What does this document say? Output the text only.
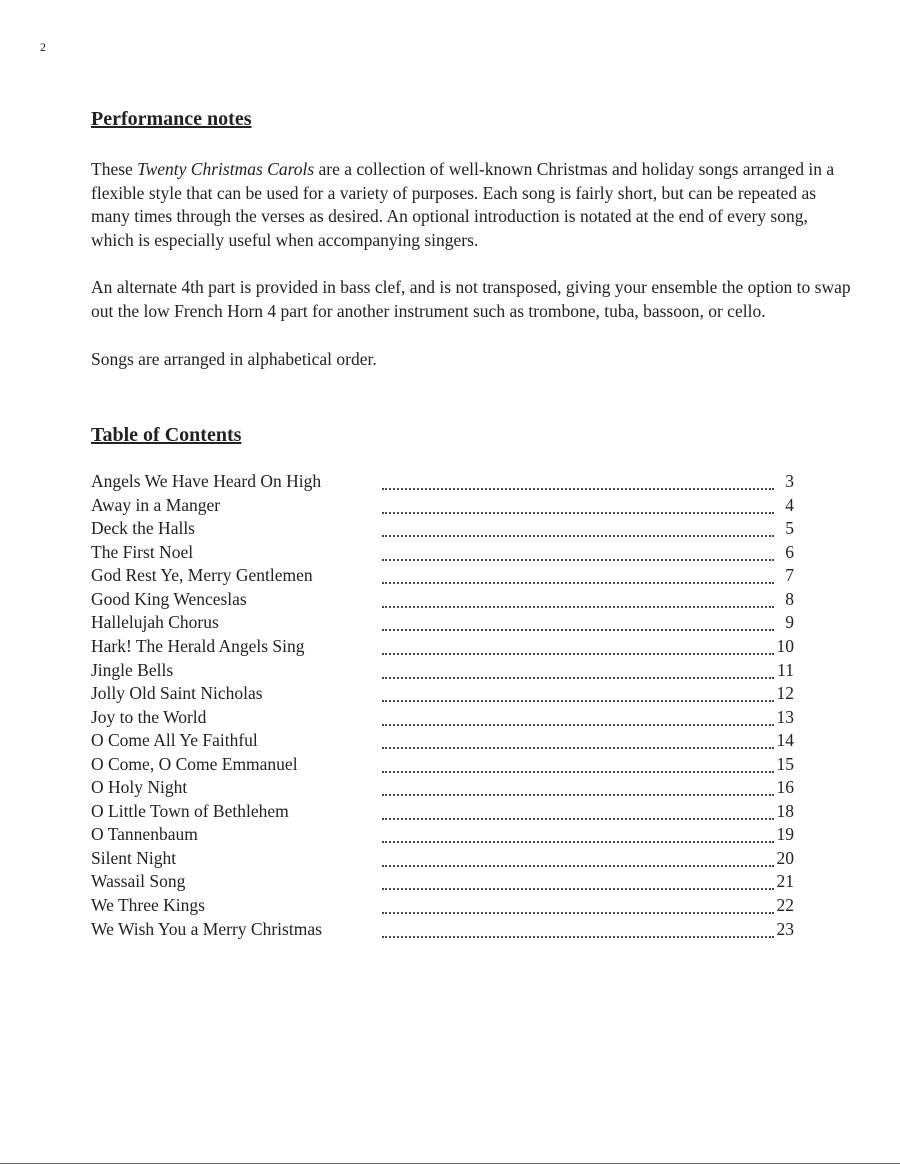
2
Performance notes

These Twenty Christmas Carols are a collection of well-known Christmas and holiday songs arranged in a flexible style that can be used for a variety of purposes. Each song is fairly short, but can be repeated as many times through the verses as desired. An optional introduction is notated at the end of every song, which is especially useful when accompanying singers.

An alternate 4th part is provided in bass clef, and is not transposed, giving your ensemble the option to swap out the low French Horn 4 part for another instrument such as trombone, tuba, bassoon, or cello.

Songs are arranged in alphabetical order.

Table of Contents
Angels We Have Heard On High	3
Away in a Manger	4
Deck the Halls	5
The First Noel	6
God Rest Ye, Merry Gentlemen	7
Good King Wenceslas	8
Hallelujah Chorus	9
Hark! The Herald Angels Sing	10
Jingle Bells	11
Jolly Old Saint Nicholas	12
Joy to the World	13
O Come All Ye Faithful	14
O Come, O Come Emmanuel	15
O Holy Night	16
O Little Town of Bethlehem	18
O Tannenbaum	19
Silent Night	20
Wassail Song	21
We Three Kings	22
We Wish You a Merry Christmas	23
